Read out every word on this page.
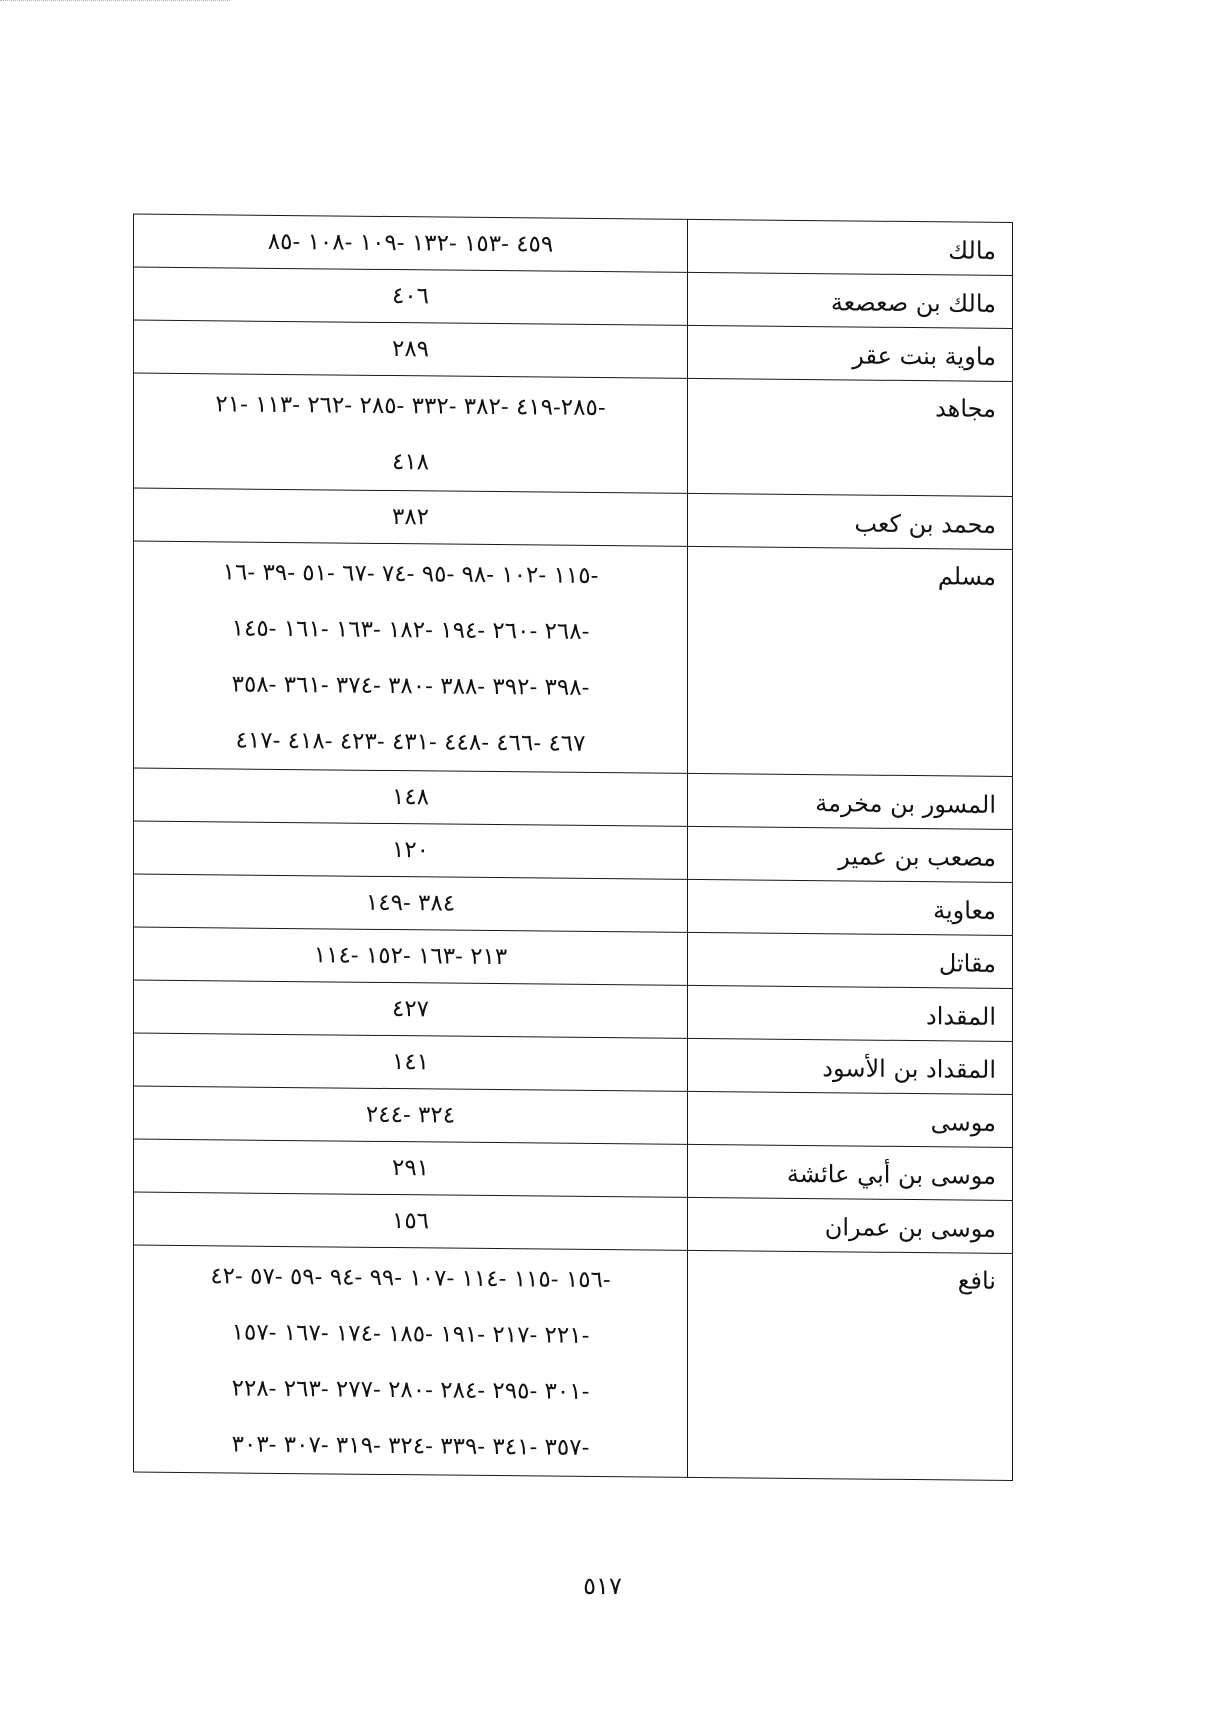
مالك	٤٥٩ -١٥٣ -١٣٢ -١٠٩ -١٠٨ -٨٥

مالك بن صعصعة	٤٠٦

ماوية بنت عقر	٢٨٩

مجاهد	-٢٨٥-٤١٩ -٣٨٢ -٣٣٢ -٢٨٥ -٢٦٢ -١١٣ -٢١
٤١٨

محمد بن كعب	٣٨٢

مسلم	-١١٥ -١٠٢ -٩٨ -٩٥ -٧٤ -٦٧ -٥١ -٣٩ -١٦
-٢٦٨ -٢٦٠ -١٩٤ -١٨٢ -١٦٣ -١٦١ -١٤٥
-٣٩٨ -٣٩٢ -٣٨٨ -٣٨٠ -٣٧٤ -٣٦١ -٣٥٨
٤٦٧ -٤٦٦ -٤٤٨ -٤٣١ -٤٢٣ -٤١٨ -٤١٧

المسور بن مخرمة	١٤٨

مصعب بن عمير	١٢٠

معاوية	٣٨٤ -١٤٩

مقاتل	٢١٣ -١٦٣ -١٥٢ -١١٤

المقداد	٤٢٧

المقداد بن الأسود	١٤١

موسى	٣٢٤ -٢٤٤

موسى بن أبي عائشة	٢٩١

موسى بن عمران	١٥٦

نافع	-١٥٦ -١١٥ -١١٤ -١٠٧ -٩٩ -٩٤ -٥٩ -٥٧ -٤٢
-٢٢١ -٢١٧ -١٩١ -١٨٥ -١٧٤ -١٦٧ -١٥٧
-٣٠١ -٢٩٥ -٢٨٤ -٢٨٠ -٢٧٧ -٢٦٣ -٢٢٨
-٣٥٧ -٣٤١ -٣٣٩ -٣٢٤ -٣١٩ -٣٠٧ -٣٠٣
٥١٧
